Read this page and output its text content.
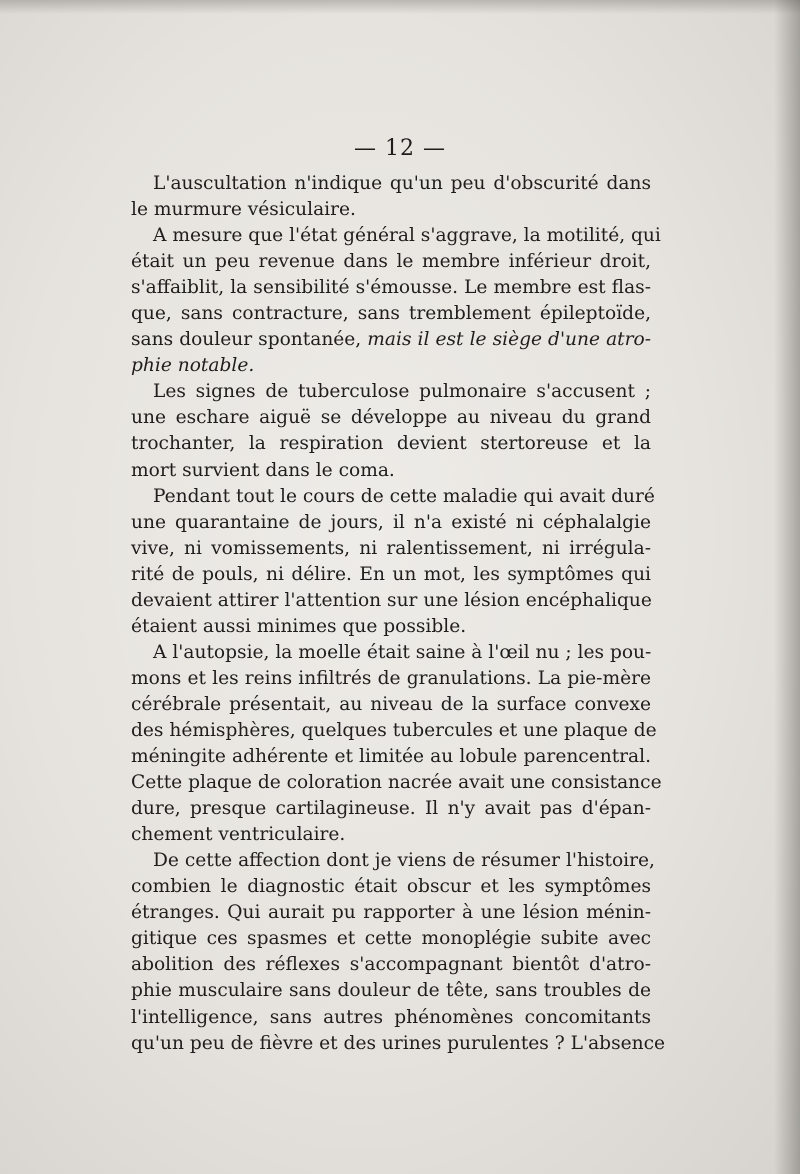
— 12 —
L'auscultation n'indique qu'un peu d'obscurité dans
le murmure vésiculaire.
A mesure que l'état général s'aggrave, la motilité, qui
était un peu revenue dans le membre inférieur droit,
s'affaiblit, la sensibilité s'émousse. Le membre est flas-
que, sans contracture, sans tremblement épileptoïde,
sans douleur spontanée, mais il est le siège d'une atro-
phie notable.
Les signes de tuberculose pulmonaire s'accusent ;
une eschare aiguë se développe au niveau du grand
trochanter, la respiration devient stertoreuse et la
mort survient dans le coma.
Pendant tout le cours de cette maladie qui avait duré
une quarantaine de jours, il n'a existé ni céphalalgie
vive, ni vomissements, ni ralentissement, ni irrégula-
rité de pouls, ni délire. En un mot, les symptômes qui
devaient attirer l'attention sur une lésion encéphalique
étaient aussi minimes que possible.
A l'autopsie, la moelle était saine à l'œil nu ; les pou-
mons et les reins infiltrés de granulations. La pie-mère
cérébrale présentait, au niveau de la surface convexe
des hémisphères, quelques tubercules et une plaque de
méningite adhérente et limitée au lobule parencentral.
Cette plaque de coloration nacrée avait une consistance
dure, presque cartilagineuse. Il n'y avait pas d'épan-
chement ventriculaire.
De cette affection dont je viens de résumer l'histoire,
combien le diagnostic était obscur et les symptômes
étranges. Qui aurait pu rapporter à une lésion ménin-
gitique ces spasmes et cette monoplégie subite avec
abolition des réflexes s'accompagnant bientôt d'atro-
phie musculaire sans douleur de tête, sans troubles de
l'intelligence, sans autres phénomènes concomitants
qu'un peu de fièvre et des urines purulentes ? L'absence
